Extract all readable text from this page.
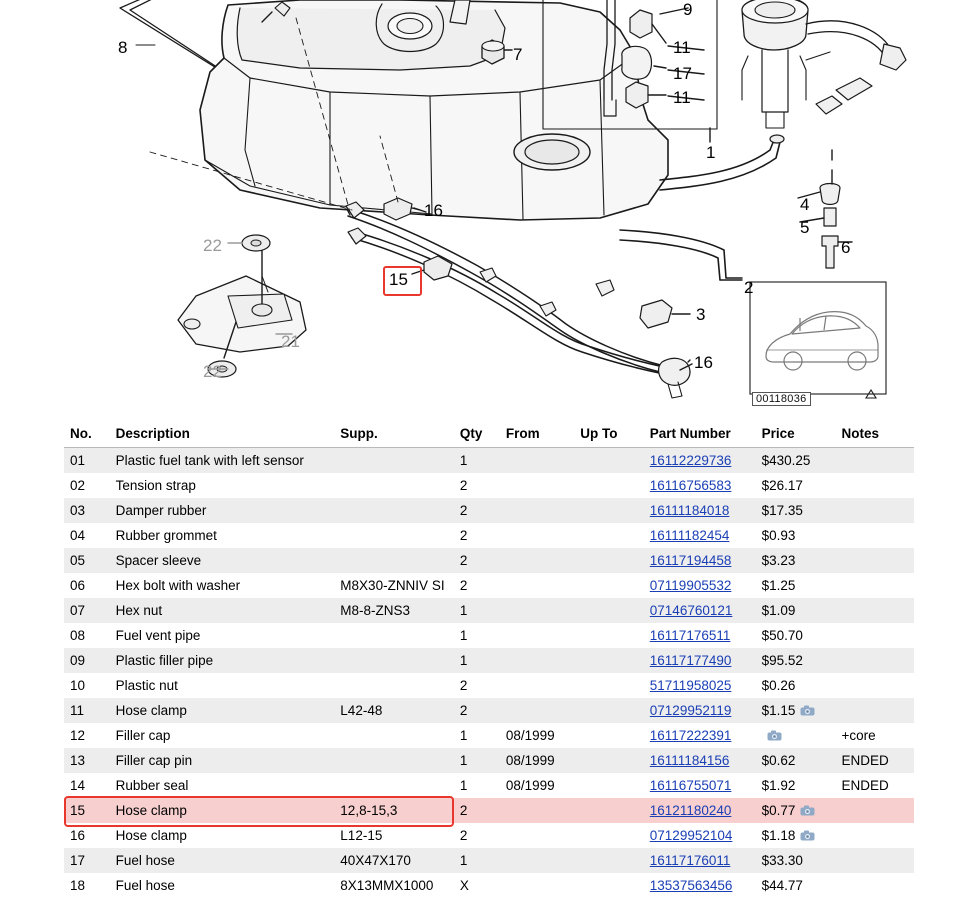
8	7
9
11
17
11
1
4
5
6
2
3
16
15
16
22
22
21
00118036
No.	Description	Supp.	Qty	From	Up To	Part Number	Price	Notes
01	Plastic fuel tank with left sensor		1			16112229736	$430.25	
02	Tension strap		2			16116756583	$26.17	
03	Damper rubber		2			16111184018	$17.35	
04	Rubber grommet		2			16111182454	$0.93	
05	Spacer sleeve		2			16117194458	$3.23	
06	Hex bolt with washer	M8X30-ZNNIV SI	2			07119905532	$1.25	
07	Hex nut	M8-8-ZNS3	1			07146760121	$1.09	
08	Fuel vent pipe		1			16117176511	$50.70	
09	Plastic filler pipe		1			16117177490	$95.52	
10	Plastic nut		2			51711958025	$0.26	
11	Hose clamp	L42-48	2			07129952119	$1.15

12	Filler cap		1	08/1999		16117222391		+core
13	Filler cap pin		1	08/1999		16111184156	$0.62	ENDED
14	Rubber seal		1	08/1999		16116755071	$1.92	ENDED
15	Hose clamp	12,8-15,3	2			16121180240	$0.77

16	Hose clamp	L12-15	2			07129952104	$1.18

17	Fuel hose	40X47X170	1			16117176011	$33.30	
18	Fuel hose	8X13MMX1000	X			13537563456	$44.77	
